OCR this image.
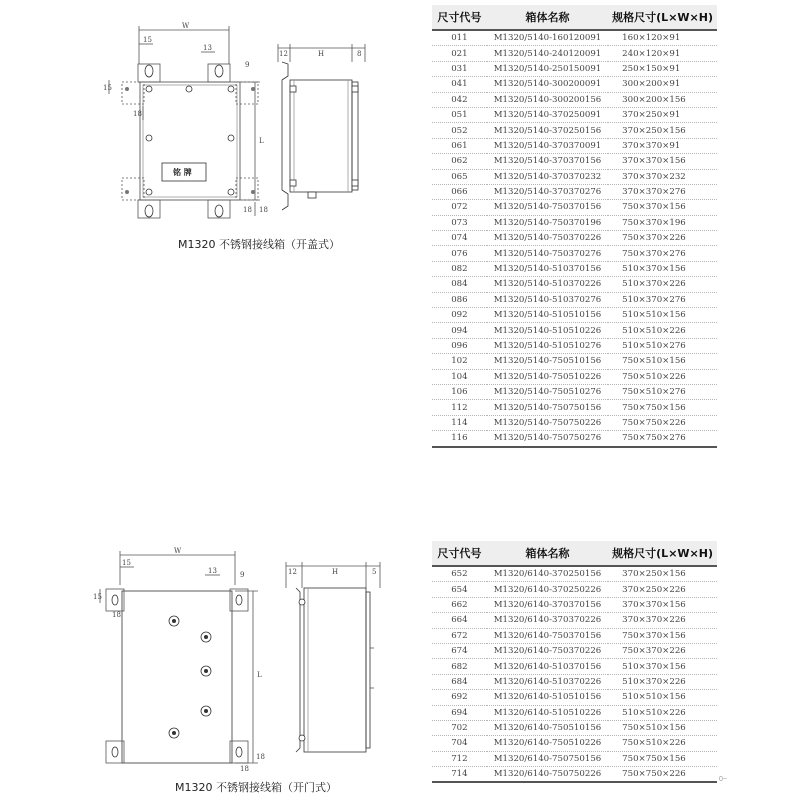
W
15
13
9
15
18
L
18
18
铭 牌
12	H	8
M1320 不锈钢接线箱（开盖式）
尺寸代号	箱体名称	规格尺寸(L×W×H)
011	M1320/5140-160120091	160×120×91
021	M1320/5140-240120091	240×120×91
031	M1320/5140-250150091	250×150×91
041	M1320/5140-300200091	300×200×91
042	M1320/5140-300200156	300×200×156
051	M1320/5140-370250091	370×250×91
052	M1320/5140-370250156	370×250×156
061	M1320/5140-370370091	370×370×91
062	M1320/5140-370370156	370×370×156
065	M1320/5140-370370232	370×370×232
066	M1320/5140-370370276	370×370×276
072	M1320/5140-750370156	750×370×156
073	M1320/5140-750370196	750×370×196
074	M1320/5140-750370226	750×370×226
076	M1320/5140-750370276	750×370×276
082	M1320/5140-510370156	510×370×156
084	M1320/5140-510370226	510×370×226
086	M1320/5140-510370276	510×370×276
092	M1320/5140-510510156	510×510×156
094	M1320/5140-510510226	510×510×226
096	M1320/5140-510510276	510×510×276
102	M1320/5140-750510156	750×510×156
104	M1320/5140-750510226	750×510×226
106	M1320/5140-750510276	750×510×276
112	M1320/5140-750750156	750×750×156
114	M1320/5140-750750226	750×750×226
116	M1320/5140-750750276	750×750×276
W
15
13	9
15
18
L
18
18
12	H	5
M1320 不锈钢接线箱（开门式）
尺寸代号	箱体名称	规格尺寸(L×W×H)
652	M1320/6140-370250156	370×250×156
654	M1320/6140-370250226	370×250×226
662	M1320/6140-370370156	370×370×156
664	M1320/6140-370370226	370×370×226
672	M1320/6140-750370156	750×370×156
674	M1320/6140-750370226	750×370×226
682	M1320/6140-510370156	510×370×156
684	M1320/6140-510370226	510×370×226
692	M1320/6140-510510156	510×510×156
694	M1320/6140-510510226	510×510×226
702	M1320/6140-750510156	750×510×156
704	M1320/6140-750510226	750×510×226
712	M1320/6140-750750156	750×750×156
714	M1320/6140-750750226	750×750×226
0~
